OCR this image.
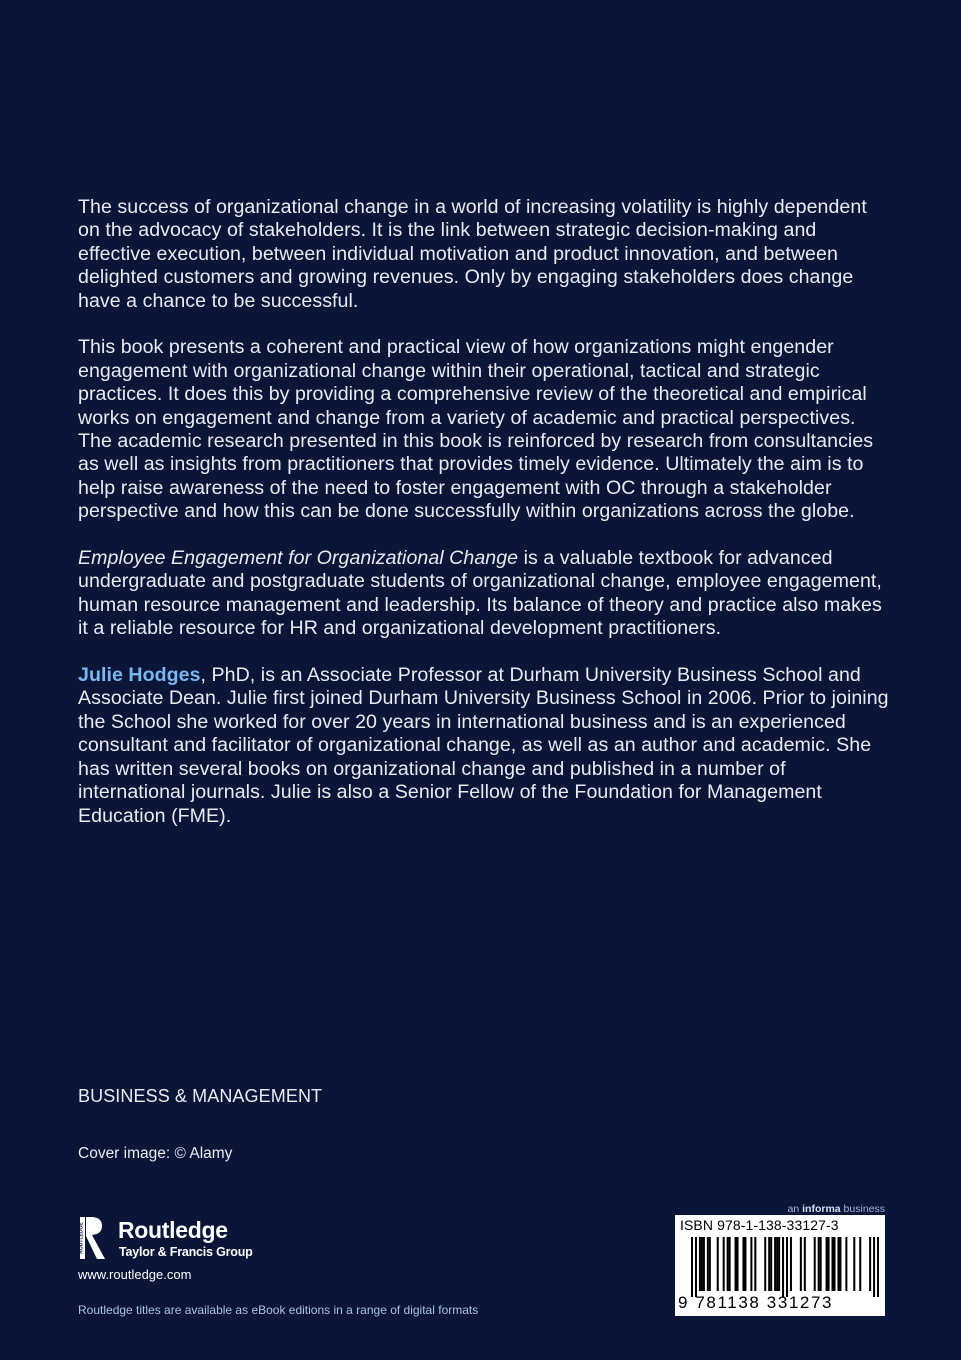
The success of organizational change in a world of increasing volatility is highly dependent on the advocacy of stakeholders. It is the link between strategic decision-making and effective execution, between individual motivation and product innovation, and between delighted customers and growing revenues. Only by engaging stakeholders does change have a chance to be successful.

This book presents a coherent and practical view of how organizations might engender engagement with organizational change within their operational, tactical and strategic practices. It does this by providing a comprehensive review of the theoretical and empirical works on engagement and change from a variety of academic and practical perspectives. The academic research presented in this book is reinforced by research from consultancies as well as insights from practitioners that provides timely evidence. Ultimately the aim is to help raise awareness of the need to foster engagement with OC through a stakeholder perspective and how this can be done successfully within organizations across the globe.

Employee Engagement for Organizational Change is a valuable textbook for advanced undergraduate and postgraduate students of organizational change, employee engagement, human resource management and leadership. Its balance of theory and practice also makes it a reliable resource for HR and organizational development practitioners.

Julie Hodges, PhD, is an Associate Professor at Durham University Business School and Associate Dean. Julie first joined Durham University Business School in 2006. Prior to joining the School she worked for over 20 years in international business and is an experienced consultant and facilitator of organizational change, as well as an author and academic. She has written several books on organizational change and published in a number of international journals. Julie is also a Senior Fellow of the Foundation for Management Education (FME).

BUSINESS & MANAGEMENT
Cover image: © Alamy
ROUTLEDGE Routledge
Taylor & Francis Group
www.routledge.com
Routledge titles are available as eBook editions in a range of digital formats
an informa business
ISBN 978-1-138-33127-3
9 781138 331273
